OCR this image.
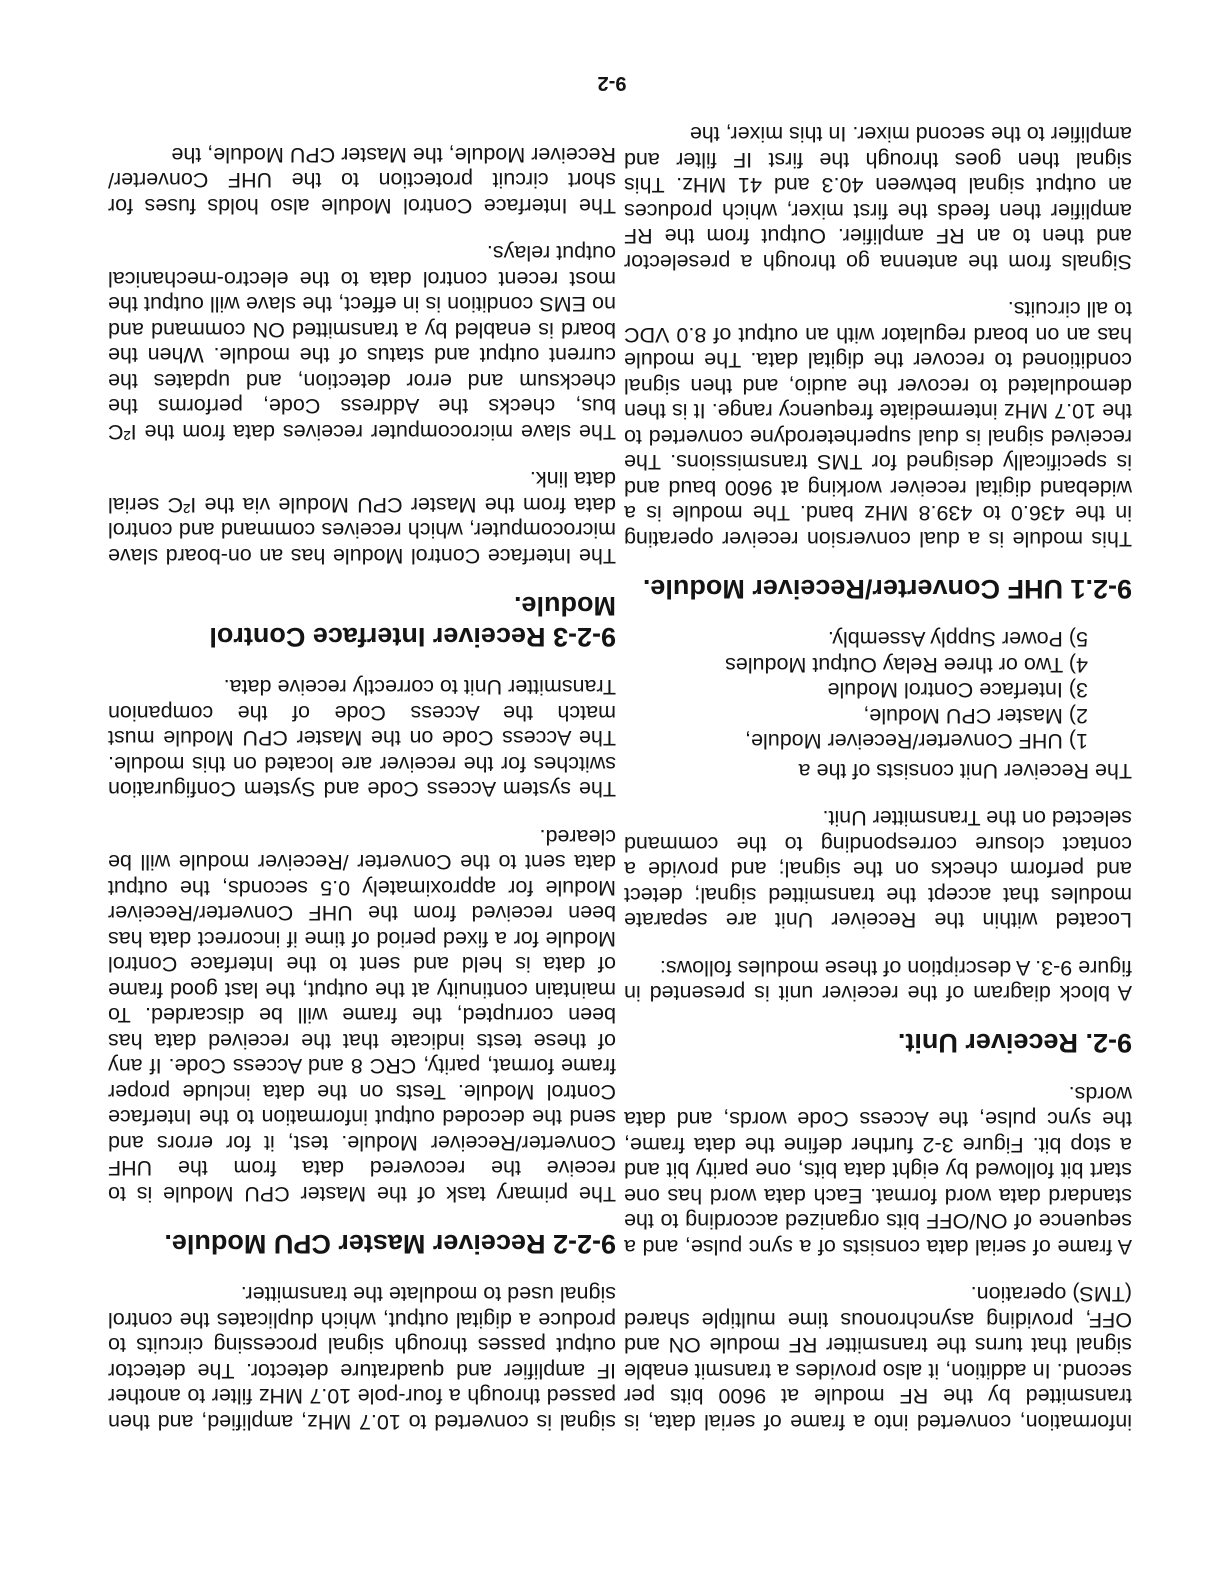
information, converted into a frame of serial data, is transmitted by the RF module at 9600 bits per second. In addition, it also provides a transmit enable signal that turns the transmitter RF module ON and OFF, providing asynchronous time multiple shared (TMS) operation.

A frame of serial data consists of a sync pulse, and a sequence of ON/OFF bits organized according to the standard data word format. Each data word has one start bit followed by eight data bits, one parity bit and a stop bit. Figure 3-2 further define the data frame, the sync pulse, the Access Code words, and data words.

9-2. Receiver Unit.

A block diagram of the receiver unit is presented in figure 9-3. A description of these modules follows:

Located within the Receiver Unit are separate modules that accept the transmitted signal; detect and perform checks on the signal; and provide a contact closure corresponding to the command selected on the Transmitter Unit.

The Receiver Unit consists of the a

1) UHF Converter/Receiver Module,
2) Master CPU Module,
3) Interface Control Module
4) Two or three Relay Output Modules
5) Power Supply Assembly.
9-2.1 UHF Converter/Receiver Module.

This module is a dual conversion receiver operating in the 436.0 to 439.8 MHz band. The module is a wideband digital receiver working at 9600 baud and is specifically designed for TMS transmissions. The received signal is dual superheterodyne converted to the 10.7 MHz intermediate frequency range. It is then demodulated to recover the audio, and then signal conditioned to recover the digital data. The module has an on board regulator with an output of 8.0 VDC to all circuits.

Signals from the antenna go through a preselector and then to an RF amplifier. Output from the RF amplifier then feeds the first mixer, which produces an output signal between 40.3 and 41 MHz. This signal then goes through the first IF filter and amplifier to the second mixer. In this mixer, the

signal is converted to 10.7 MHz, amplified, and then passed through a four-pole 10.7 MHz filter to another IF amplifier and quadrature detector. The detector output passes through signal processing circuits to produce a digital output, which duplicates the control signal used to modulate the transmitter.

9-2-2 Receiver Master CPU Module.

The primary task of the Master CPU Module is to receive the recovered data from the UHF Converter/Receiver Module. test, it for errors and send the decoded output information to the Interface Control Module. Tests on the data include proper frame format, parity, CRC 8 and Access Code. If any of these tests indicate that the received data has been corrupted, the frame will be discarded. To maintain continuity at the output, the last good frame of data is held and sent to the Interface Control Module for a fixed period of time if incorrect data has been received from the UHF Converter/Receiver Module for approximately 0.5 seconds, the output data sent to the Converter /Receiver module will be cleared.

The system Access Code and System Configuration switches for the receiver are located on this module. The Access Code on the Master CPU Module must match the Access Code of the companion Transmitter Unit to correctly receive data.

9-2-3 Receiver Interface Control Module.

The Interface Control Module has an on-board slave microcomputer, which receives command and control data from the Master CPU Module via the I²C serial data link.

The slave microcomputer receives data from the I²C bus, checks the Address Code, performs the checksum and error detection, and updates the current output and status of the module. When the board is enabled by a transmitted ON command and no EMS condition is in effect, the slave will output the most recent control data to the electro-mechanical output relays.

The Interface Control Module also holds fuses for short circuit protection to the UHF Converter/ Receiver Module, the Master CPU Module, the

9-2
